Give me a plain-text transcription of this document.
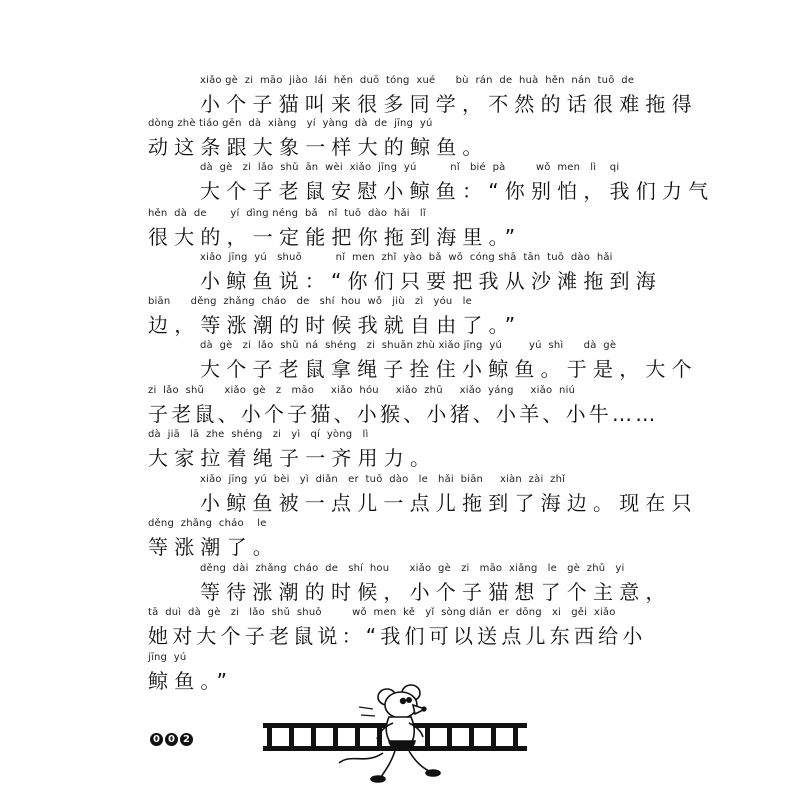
xiǎo gè  zi  māo  jiào  lái  hěn  duō  tóng  xué      bù  rán  de  huà  hěn  nán  tuō  de
小个子猫叫来很多同学，不然的话很难拖得
dòng zhè tiáo gēn  dà  xiàng   yí  yàng  dà  de  jīng  yú
动这条跟大象一样大的鲸鱼。
dà  gè   zi  lǎo  shǔ  ān  wèi  xiǎo  jīng  yú          nǐ   bié  pà         wǒ  men   lì    qi
大个子老鼠安慰小鲸鱼：“你别怕，我们力气
hěn  dà  de       yí  dìng néng  bǎ   nǐ  tuō  dào  hǎi   lǐ
很大的，一定能把你拖到海里。”
xiǎo  jīng  yú   shuō          nǐ  men  zhǐ  yào  bǎ  wǒ  cóng shā  tān  tuō  dào  hǎi
小鲸鱼说：“你们只要把我从沙滩拖到海
biān      děng  zhǎng  cháo   de   shí  hou  wǒ   jiù   zì   yóu   le
边，等涨潮的时候我就自由了。”
dà  gè   zi  lǎo  shǔ  ná  shéng   zi  shuān zhù xiǎo jīng  yú        yú  shì      dà  gè
大个子老鼠拿绳子拴住小鲸鱼。于是，大个
zi  lǎo  shǔ      xiǎo  gè   z   māo     xiǎo  hóu     xiǎo  zhū     xiǎo  yáng     xiǎo  niú
子老鼠、小个子猫、小猴、小猪、小羊、小牛……
dà  jiā   lā  zhe  shéng   zi   yì   qí  yòng   lì
大家拉着绳子一齐用力。
xiǎo  jīng  yú  bèi   yì  diǎn   er  tuō  dào   le   hǎi  biān     xiàn  zài  zhǐ
小鲸鱼被一点儿一点儿拖到了海边。现在只
děng  zhǎng  cháo    le
等涨潮了。
děng  dài  zhǎng  cháo  de   shí  hou      xiǎo  gè   zi   māo  xiǎng   le   gè  zhǔ   yi
等待涨潮的时候，小个子猫想了个主意，
tā  duì  dà  gè   zi   lǎo  shǔ  shuō         wǒ  men  kě   yǐ  sòng diǎn  er  dōng   xi   gěi  xiǎo
她对大个子老鼠说：“我们可以送点儿东西给小
jīng  yú
鲸鱼。”
0 0 2
